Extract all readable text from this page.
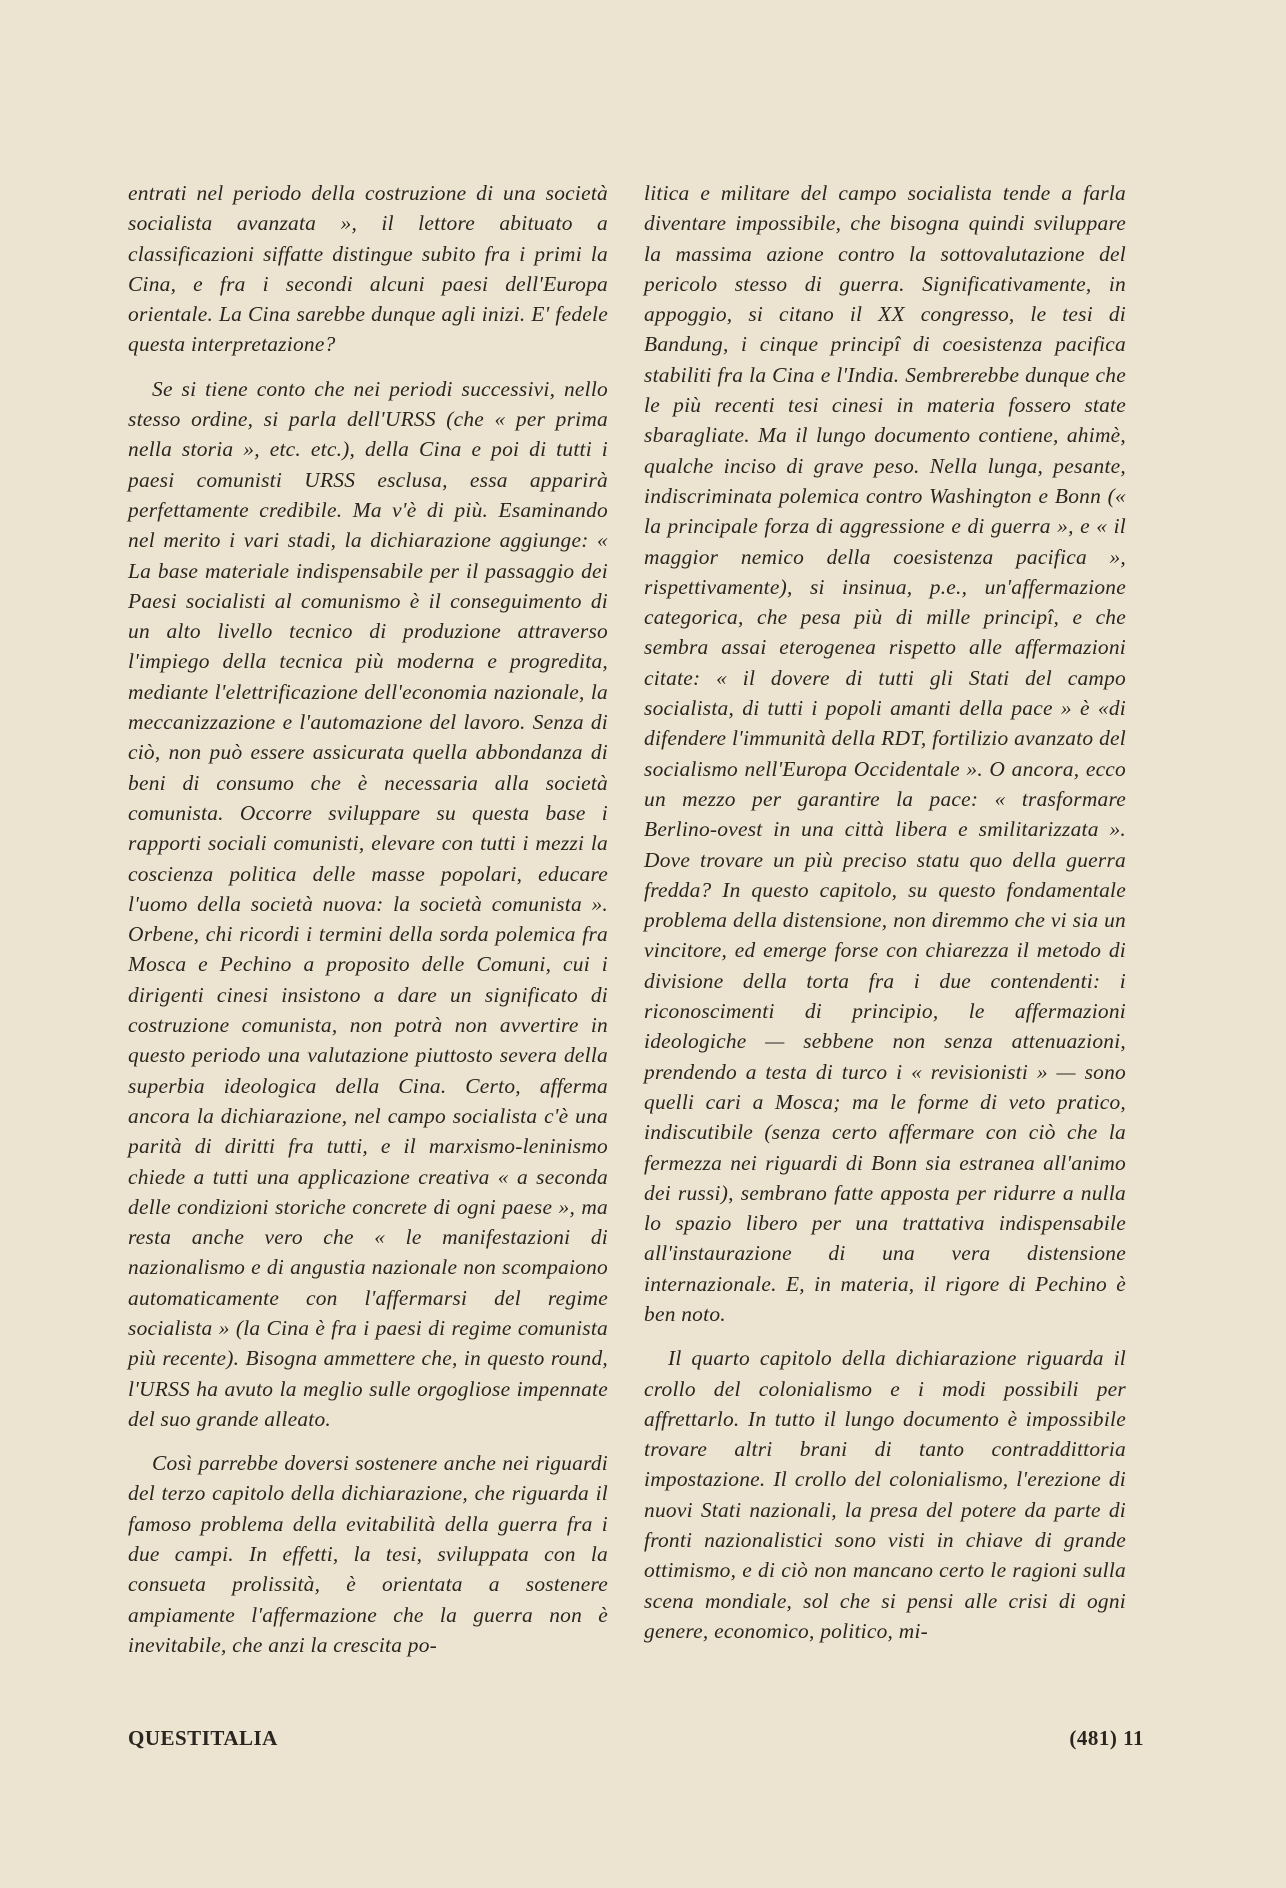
entrati nel periodo della costruzione di una società socialista avanzata », il lettore abituato a classificazioni siffatte distingue subito fra i primi la Cina, e fra i secondi alcuni paesi dell'Europa orientale. La Cina sarebbe dunque agli inizi. E' fedele questa interpretazione?

Se si tiene conto che nei periodi successivi, nello stesso ordine, si parla dell'URSS (che « per prima nella storia », etc. etc.), della Cina e poi di tutti i paesi comunisti URSS esclusa, essa apparirà perfettamente credibile. Ma v'è di più. Esaminando nel merito i vari stadi, la dichiarazione aggiunge: « La base materiale indispensabile per il passaggio dei Paesi socialisti al comunismo è il conseguimento di un alto livello tecnico di produzione attraverso l'impiego della tecnica più moderna e progredita, mediante l'elettrificazione dell'economia nazionale, la meccanizzazione e l'automazione del lavoro. Senza di ciò, non può essere assicurata quella abbondanza di beni di consumo che è necessaria alla società comunista. Occorre sviluppare su questa base i rapporti sociali comunisti, elevare con tutti i mezzi la coscienza politica delle masse popolari, educare l'uomo della società nuova: la società comunista ». Orbene, chi ricordi i termini della sorda polemica fra Mosca e Pechino a proposito delle Comuni, cui i dirigenti cinesi insistono a dare un significato di costruzione comunista, non potrà non avvertire in questo periodo una valutazione piuttosto severa della superbia ideologica della Cina. Certo, afferma ancora la dichiarazione, nel campo socialista c'è una parità di diritti fra tutti, e il marxismo-leninismo chiede a tutti una applicazione creativa « a seconda delle condizioni storiche concrete di ogni paese », ma resta anche vero che « le manifestazioni di nazionalismo e di angustia nazionale non scompaiono automaticamente con l'affermarsi del regime socialista » (la Cina è fra i paesi di regime comunista più recente). Bisogna ammettere che, in questo round, l'URSS ha avuto la meglio sulle orgogliose impennate del suo grande alleato.

Così parrebbe doversi sostenere anche nei riguardi del terzo capitolo della dichiarazione, che riguarda il famoso problema della evitabilità della guerra fra i due campi. In effetti, la tesi, sviluppata con la consueta prolissità, è orientata a sostenere ampiamente l'affermazione che la guerra non è inevitabile, che anzi la crescita po-

litica e militare del campo socialista tende a farla diventare impossibile, che bisogna quindi sviluppare la massima azione contro la sottovalutazione del pericolo stesso di guerra. Significativamente, in appoggio, si citano il XX congresso, le tesi di Bandung, i cinque principî di coesistenza pacifica stabiliti fra la Cina e l'India. Sembrerebbe dunque che le più recenti tesi cinesi in materia fossero state sbaragliate. Ma il lungo documento contiene, ahimè, qualche inciso di grave peso. Nella lunga, pesante, indiscriminata polemica contro Washington e Bonn (« la principale forza di aggressione e di guerra », e « il maggior nemico della coesistenza pacifica », rispettivamente), si insinua, p.e., un'affermazione categorica, che pesa più di mille principî, e che sembra assai eterogenea rispetto alle affermazioni citate: « il dovere di tutti gli Stati del campo socialista, di tutti i popoli amanti della pace » è «di difendere l'immunità della RDT, fortilizio avanzato del socialismo nell'Europa Occidentale ». O ancora, ecco un mezzo per garantire la pace: « trasformare Berlino-ovest in una città libera e smilitarizzata ». Dove trovare un più preciso statu quo della guerra fredda? In questo capitolo, su questo fondamentale problema della distensione, non diremmo che vi sia un vincitore, ed emerge forse con chiarezza il metodo di divisione della torta fra i due contendenti: i riconoscimenti di principio, le affermazioni ideologiche — sebbene non senza attenuazioni, prendendo a testa di turco i « revisionisti » — sono quelli cari a Mosca; ma le forme di veto pratico, indiscutibile (senza certo affermare con ciò che la fermezza nei riguardi di Bonn sia estranea all'animo dei russi), sembrano fatte apposta per ridurre a nulla lo spazio libero per una trattativa indispensabile all'instaurazione di una vera distensione internazionale. E, in materia, il rigore di Pechino è ben noto.

Il quarto capitolo della dichiarazione riguarda il crollo del colonialismo e i modi possibili per affrettarlo. In tutto il lungo documento è impossibile trovare altri brani di tanto contraddittoria impostazione. Il crollo del colonialismo, l'erezione di nuovi Stati nazionali, la presa del potere da parte di fronti nazionalistici sono visti in chiave di grande ottimismo, e di ciò non mancano certo le ragioni sulla scena mondiale, sol che si pensi alle crisi di ogni genere, economico, politico, mi-

QUESTITALIA	(481) 11
